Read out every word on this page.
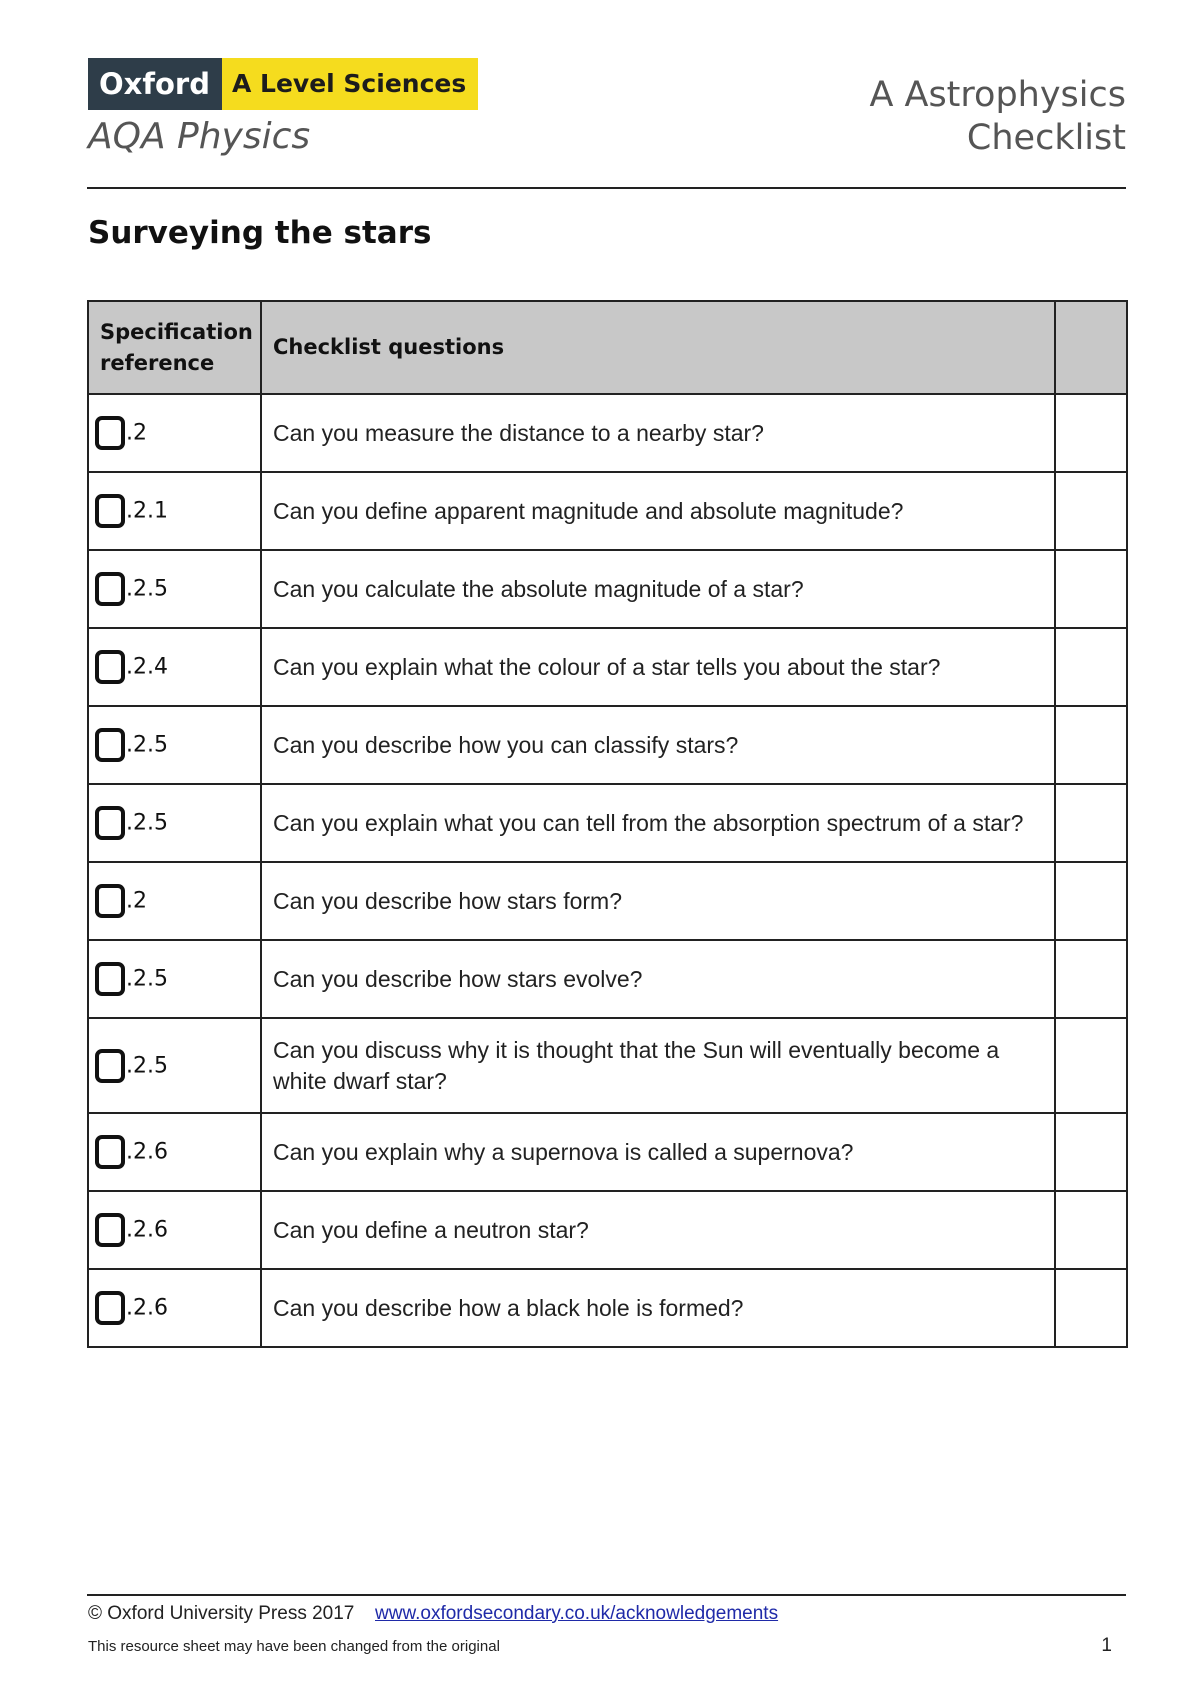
Oxford A Level Sciences
AQA Physics
A Astrophysics
Checklist
Surveying the stars
Specification reference	Checklist questions	
.2	Can you measure the distance to a nearby star?	
.2.1	Can you define apparent magnitude and absolute magnitude?	
.2.5	Can you calculate the absolute magnitude of a star?	
.2.4	Can you explain what the colour of a star tells you about the star?	
.2.5	Can you describe how you can classify stars?	
.2.5	Can you explain what you can tell from the absorption spectrum of a star?	
.2	Can you describe how stars form?	
.2.5	Can you describe how stars evolve?	
.2.5	Can you discuss why it is thought that the Sun will eventually become a white dwarf star?	
.2.6	Can you explain why a supernova is called a supernova?	
.2.6	Can you define a neutron star?	
.2.6	Can you describe how a black hole is formed?	
© Oxford University Press 2017 www.oxfordsecondary.co.uk/acknowledgements
This resource sheet may have been changed from the original	1
